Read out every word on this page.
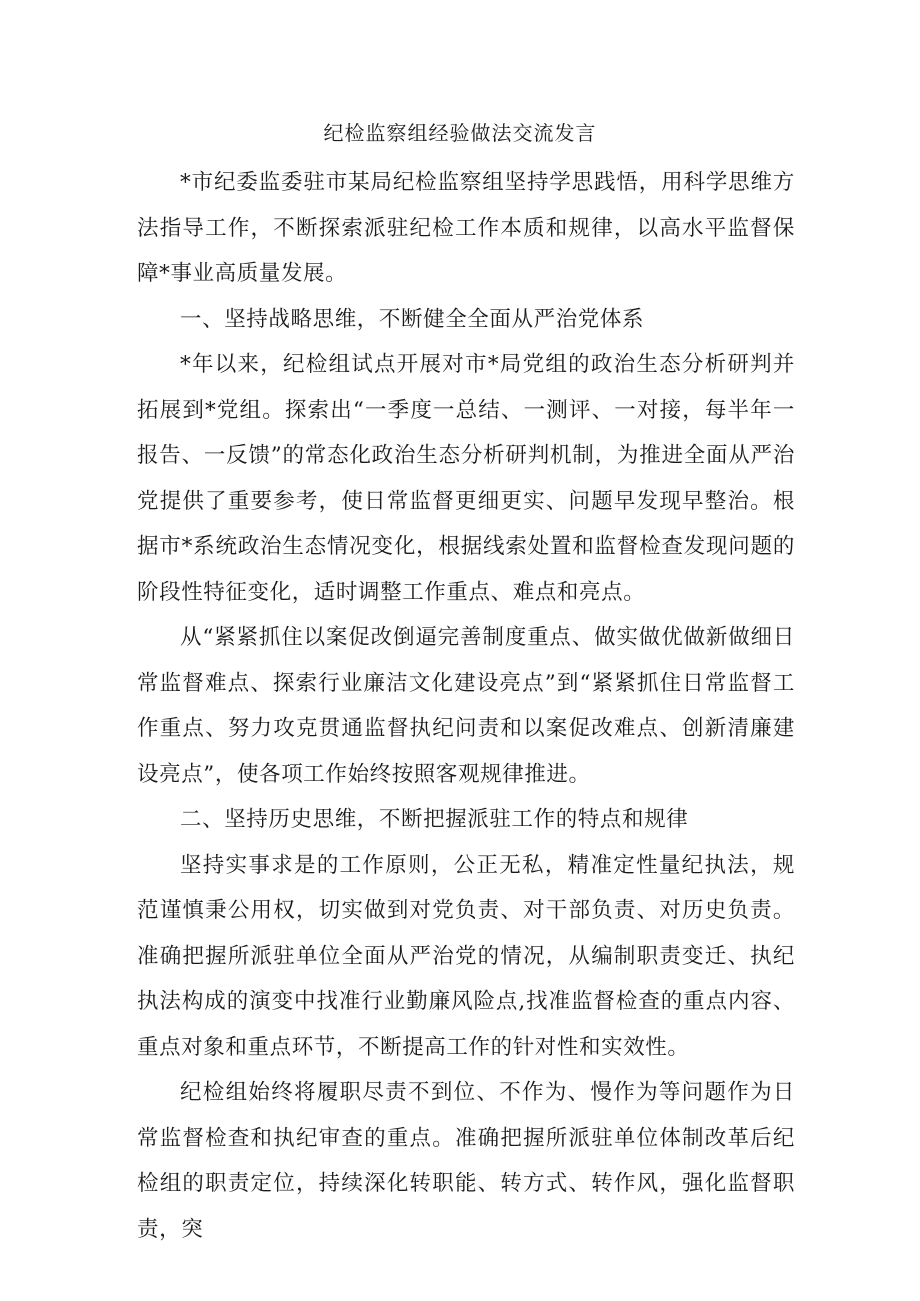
纪检监察组经验做法交流发言

*市纪委监委驻市某局纪检监察组坚持学思践悟，用科学思维方法指导工作，不断探索派驻纪检工作本质和规律，以高水平监督保障*事业高质量发展。

一、坚持战略思维，不断健全全面从严治党体系

*年以来，纪检组试点开展对市*局党组的政治生态分析研判并拓展到*党组。探索出“一季度一总结、一测评、一对接，每半年一报告、一反馈”的常态化政治生态分析研判机制，为推进全面从严治党提供了重要参考，使日常监督更细更实、问题早发现早整治。根据市*系统政治生态情况变化，根据线索处置和监督检查发现问题的阶段性特征变化，适时调整工作重点、难点和亮点。

从“紧紧抓住以案促改倒逼完善制度重点、做实做优做新做细日常监督难点、探索行业廉洁文化建设亮点”到“紧紧抓住日常监督工作重点、努力攻克贯通监督执纪问责和以案促改难点、创新清廉建设亮点”，使各项工作始终按照客观规律推进。

二、坚持历史思维，不断把握派驻工作的特点和规律

坚持实事求是的工作原则，公正无私，精准定性量纪执法，规范谨慎秉公用权，切实做到对党负责、对干部负责、对历史负责。准确把握所派驻单位全面从严治党的情况，从编制职责变迁、执纪执法构成的演变中找准行业勤廉风险点,找准监督检查的重点内容、重点对象和重点环节，不断提高工作的针对性和实效性。

纪检组始终将履职尽责不到位、不作为、慢作为等问题作为日常监督检查和执纪审查的重点。准确把握所派驻单位体制改革后纪检组的职责定位，持续深化转职能、转方式、转作风，强化监督职责，突
